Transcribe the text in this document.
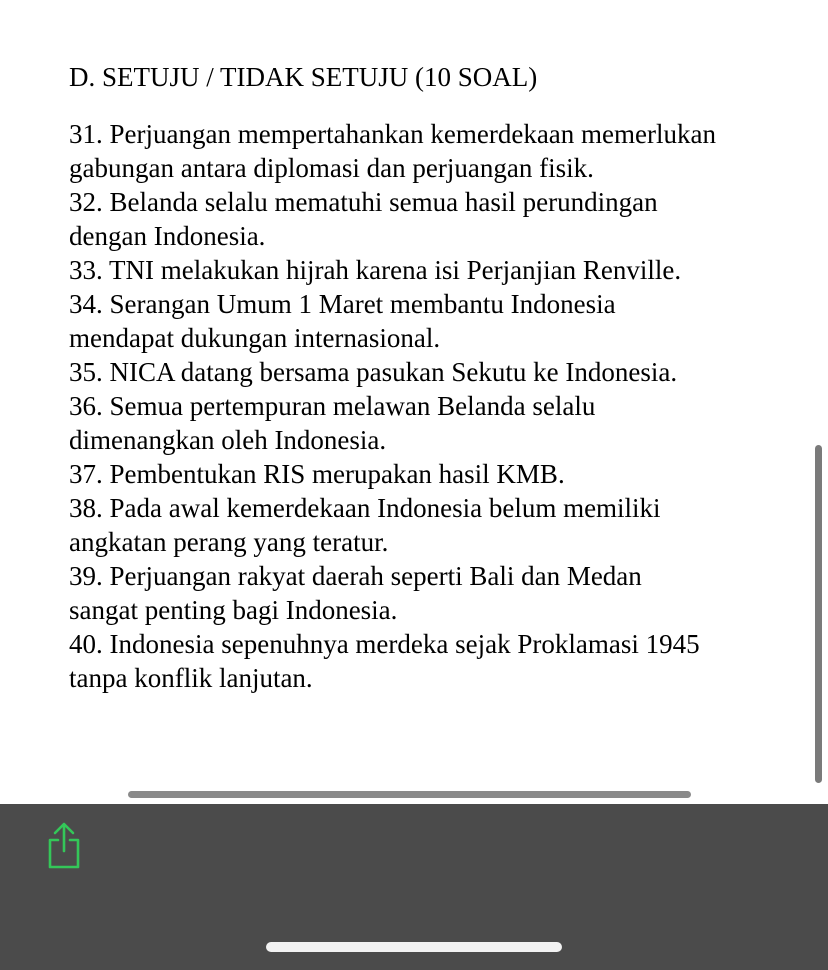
D. SETUJU / TIDAK SETUJU (10 SOAL)
31. Perjuangan mempertahankan kemerdekaan memerlukan
gabungan antara diplomasi dan perjuangan fisik.
32. Belanda selalu mematuhi semua hasil perundingan
dengan Indonesia.
33. TNI melakukan hijrah karena isi Perjanjian Renville.
34. Serangan Umum 1 Maret membantu Indonesia
mendapat dukungan internasional.
35. NICA datang bersama pasukan Sekutu ke Indonesia.
36. Semua pertempuran melawan Belanda selalu
dimenangkan oleh Indonesia.
37. Pembentukan RIS merupakan hasil KMB.
38. Pada awal kemerdekaan Indonesia belum memiliki
angkatan perang yang teratur.
39. Perjuangan rakyat daerah seperti Bali dan Medan
sangat penting bagi Indonesia.
40. Indonesia sepenuhnya merdeka sejak Proklamasi 1945
tanpa konflik lanjutan.
